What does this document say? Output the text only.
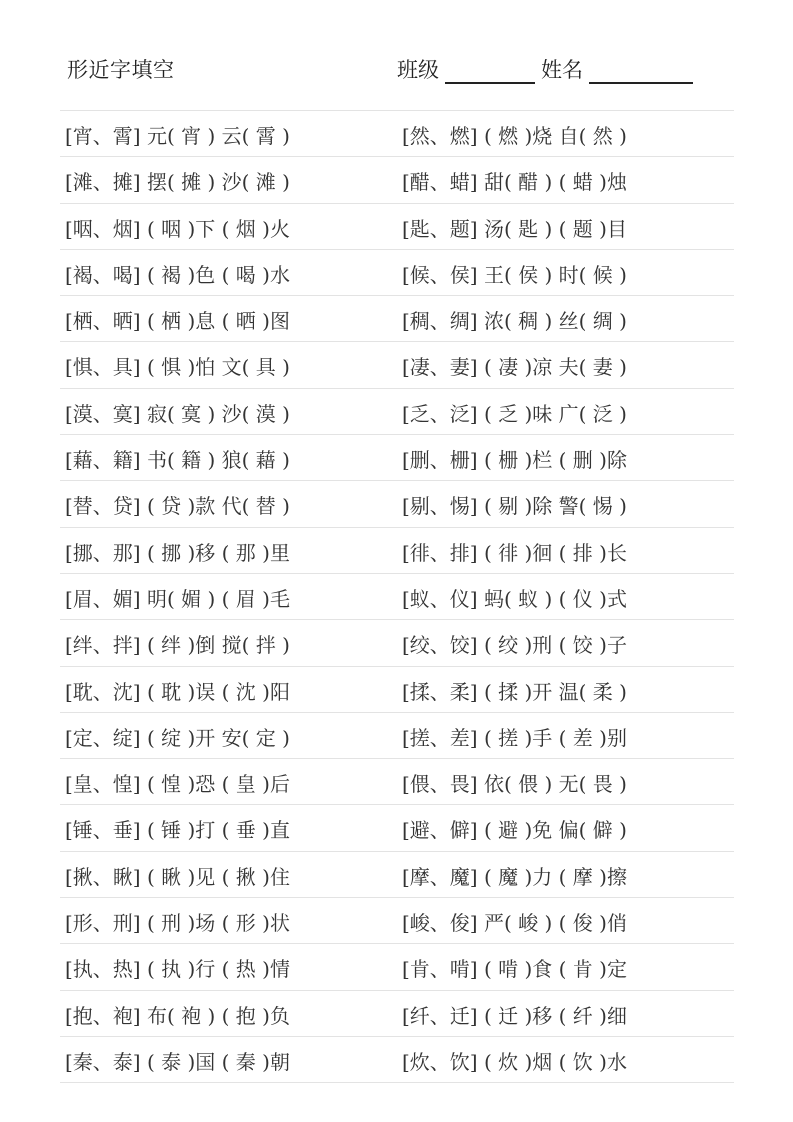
形近字填空	班级	姓名
[宵、霄] 元( 宵 ) 云( 霄 )	[然、燃] ( 燃 )烧 自( 然 )
[滩、摊] 摆( 摊 ) 沙( 滩 )	[醋、蜡] 甜( 醋 ) ( 蜡 )烛
[咽、烟] ( 咽 )下 ( 烟 )火	[匙、题] 汤( 匙 ) ( 题 )目
[褐、喝] ( 褐 )色 ( 喝 )水	[候、侯] 王( 侯 ) 时( 候 )
[栖、晒] ( 栖 )息 ( 晒 )图	[稠、绸] 浓( 稠 ) 丝( 绸 )
[惧、具] ( 惧 )怕 文( 具 )	[凄、妻] ( 凄 )凉 夫( 妻 )
[漠、寞] 寂( 寞 ) 沙( 漠 )	[乏、泛] ( 乏 )味 广( 泛 )
[藉、籍] 书( 籍 ) 狼( 藉 )	[删、栅] ( 栅 )栏 ( 删 )除
[替、贷] ( 贷 )款 代( 替 )	[剔、惕] ( 剔 )除 警( 惕 )
[挪、那] ( 挪 )移 ( 那 )里	[徘、排] ( 徘 )徊 ( 排 )长
[眉、媚] 明( 媚 ) ( 眉 )毛	[蚁、仪] 蚂( 蚁 ) ( 仪 )式
[绊、拌] ( 绊 )倒 搅( 拌 )	[绞、饺] ( 绞 )刑 ( 饺 )子
[耽、沈] ( 耽 )误 ( 沈 )阳	[揉、柔] ( 揉 )开 温( 柔 )
[定、绽] ( 绽 )开 安( 定 )	[搓、差] ( 搓 )手 ( 差 )别
[皇、惶] ( 惶 )恐 ( 皇 )后	[偎、畏] 依( 偎 ) 无( 畏 )
[锤、垂] ( 锤 )打 ( 垂 )直	[避、僻] ( 避 )免 偏( 僻 )
[揪、瞅] ( 瞅 )见 ( 揪 )住	[摩、魔] ( 魔 )力 ( 摩 )擦
[形、刑] ( 刑 )场 ( 形 )状	[峻、俊] 严( 峻 ) ( 俊 )俏
[执、热] ( 执 )行 ( 热 )情	[肯、啃] ( 啃 )食 ( 肯 )定
[抱、袍] 布( 袍 ) ( 抱 )负	[纤、迁] ( 迁 )移 ( 纤 )细
[秦、泰] ( 泰 )国 ( 秦 )朝	[炊、饮] ( 炊 )烟 ( 饮 )水
